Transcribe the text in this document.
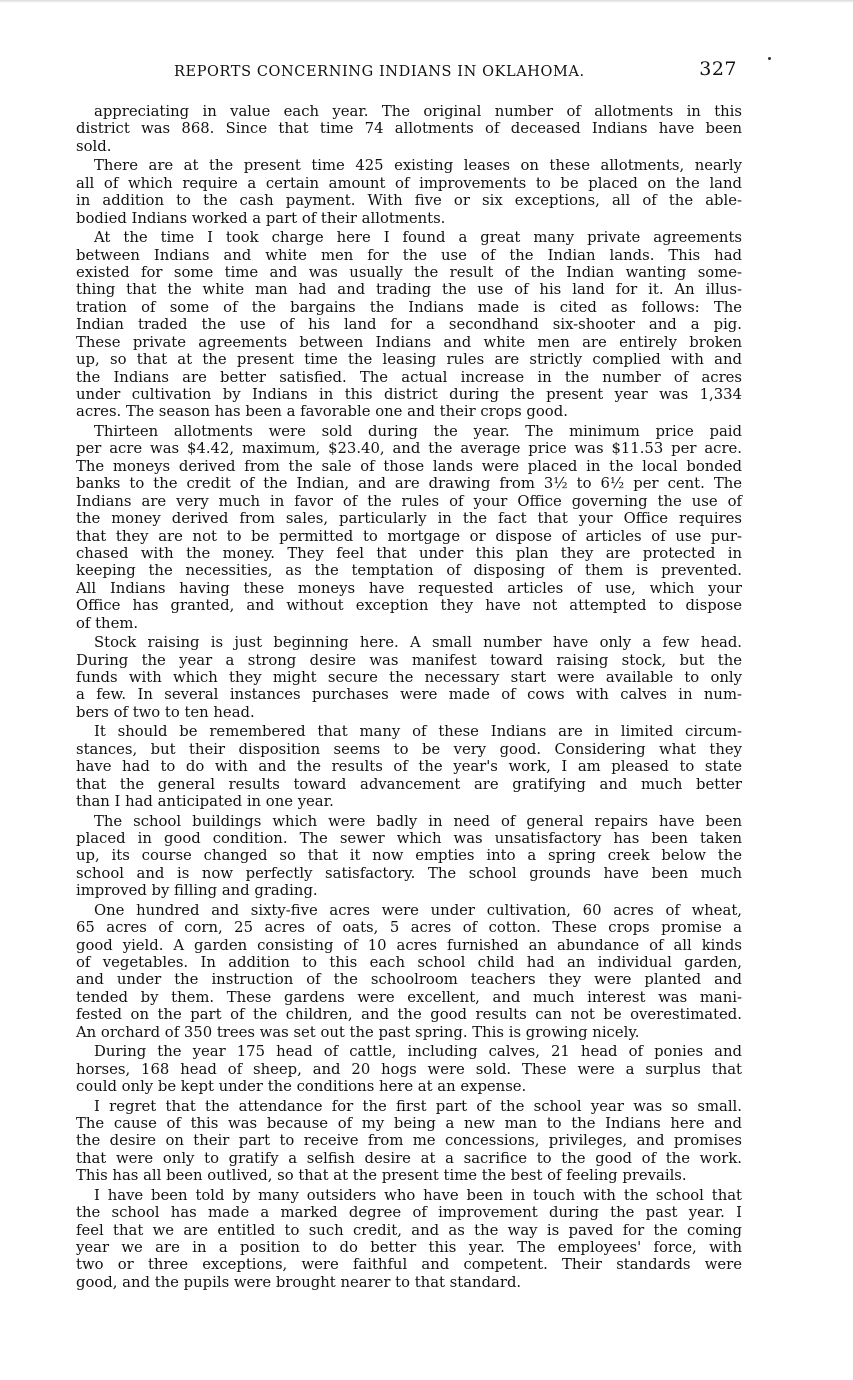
REPORTS CONCERNING INDIANS IN OKLAHOMA.	327
appreciating in value each year. The original number of allotments in this
district was 868. Since that time 74 allotments of deceased Indians have been
sold.
There are at the present time 425 existing leases on these allotments, nearly
all of which require a certain amount of improvements to be placed on the land
in addition to the cash payment. With five or six exceptions, all of the able-
bodied Indians worked a part of their allotments.
At the time I took charge here I found a great many private agreements
between Indians and white men for the use of the Indian lands. This had
existed for some time and was usually the result of the Indian wanting some-
thing that the white man had and trading the use of his land for it. An illus-
tration of some of the bargains the Indians made is cited as follows: The
Indian traded the use of his land for a secondhand six-shooter and a pig.
These private agreements between Indians and white men are entirely broken
up, so that at the present time the leasing rules are strictly complied with and
the Indians are better satisfied. The actual increase in the number of acres
under cultivation by Indians in this district during the present year was 1,334
acres. The season has been a favorable one and their crops good.
Thirteen allotments were sold during the year. The minimum price paid
per acre was $4.42, maximum, $23.40, and the average price was $11.53 per acre.
The moneys derived from the sale of those lands were placed in the local bonded
banks to the credit of the Indian, and are drawing from 3½ to 6½ per cent. The
Indians are very much in favor of the rules of your Office governing the use of
the money derived from sales, particularly in the fact that your Office requires
that they are not to be permitted to mortgage or dispose of articles of use pur-
chased with the money. They feel that under this plan they are protected in
keeping the necessities, as the temptation of disposing of them is prevented.
All Indians having these moneys have requested articles of use, which your
Office has granted, and without exception they have not attempted to dispose
of them.
Stock raising is just beginning here. A small number have only a few head.
During the year a strong desire was manifest toward raising stock, but the
funds with which they might secure the necessary start were available to only
a few. In several instances purchases were made of cows with calves in num-
bers of two to ten head.
It should be remembered that many of these Indians are in limited circum-
stances, but their disposition seems to be very good. Considering what they
have had to do with and the results of the year's work, I am pleased to state
that the general results toward advancement are gratifying and much better
than I had anticipated in one year.
The school buildings which were badly in need of general repairs have been
placed in good condition. The sewer which was unsatisfactory has been taken
up, its course changed so that it now empties into a spring creek below the
school and is now perfectly satisfactory. The school grounds have been much
improved by filling and grading.
One hundred and sixty-five acres were under cultivation, 60 acres of wheat,
65 acres of corn, 25 acres of oats, 5 acres of cotton. These crops promise a
good yield. A garden consisting of 10 acres furnished an abundance of all kinds
of vegetables. In addition to this each school child had an individual garden,
and under the instruction of the schoolroom teachers they were planted and
tended by them. These gardens were excellent, and much interest was mani-
fested on the part of the children, and the good results can not be overestimated.
An orchard of 350 trees was set out the past spring. This is growing nicely.
During the year 175 head of cattle, including calves, 21 head of ponies and
horses, 168 head of sheep, and 20 hogs were sold. These were a surplus that
could only be kept under the conditions here at an expense.
I regret that the attendance for the first part of the school year was so small.
The cause of this was because of my being a new man to the Indians here and
the desire on their part to receive from me concessions, privileges, and promises
that were only to gratify a selfish desire at a sacrifice to the good of the work.
This has all been outlived, so that at the present time the best of feeling prevails.
I have been told by many outsiders who have been in touch with the school that
the school has made a marked degree of improvement during the past year. I
feel that we are entitled to such credit, and as the way is paved for the coming
year we are in a position to do better this year. The employees' force, with
two or three exceptions, were faithful and competent. Their standards were
good, and the pupils were brought nearer to that standard.
